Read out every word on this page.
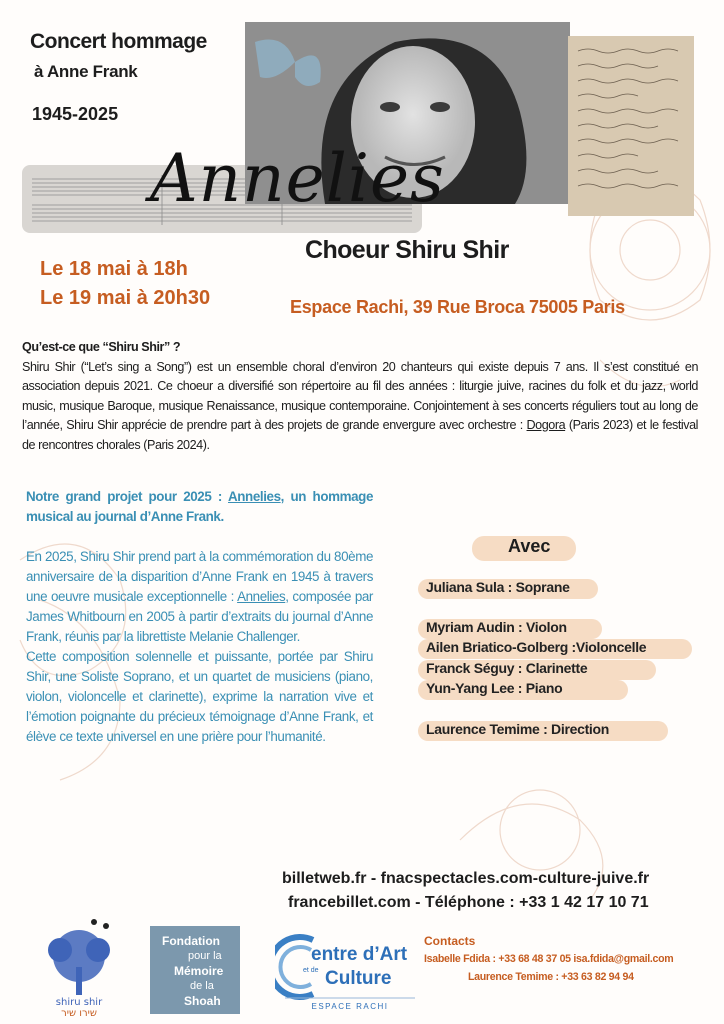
Concert hommage
à Anne Frank
1945-2025
Annelies
Choeur Shiru Shir
Le 18 mai à 18h
Le 19 mai à 20h30	Espace Rachi, 39 Rue Broca 75005 Paris
Qu’est-ce que “Shiru Shir” ?

Shiru Shir (“Let’s sing a Song”) est un ensemble choral d’environ 20 chanteurs qui existe depuis 7 ans. Il s’est constitué en association depuis 2021. Ce choeur a diversifié son répertoire au fil des années : liturgie juive, racines du folk et du jazz, world music, musique Baroque, musique Renaissance, musique contemporaine. Conjointement à ses concerts réguliers tout au long de l’année, Shiru Shir apprécie de prendre part à des projets de grande envergure avec orchestre : Dogora (Paris 2023) et le festival de rencontres chorales (Paris 2024).

Notre grand projet pour 2025 : Annelies, un hommage musical au journal d’Anne Frank.

En 2025, Shiru Shir prend part à la commémoration du 80ème anniversaire de la disparition d’Anne Frank en 1945 à travers une oeuvre musicale exceptionnelle : Annelies, composée par James Whitbourn en 2005 à partir d’extraits du journal d’Anne Frank, réunis par la librettiste Melanie Challenger.

Cette composition solennelle et puissante, portée par Shiru Shir, une Soliste Soprano, et un quartet de musiciens (piano, violon, violoncelle et clarinette), exprime la narration vive et l’émotion poignante du précieux témoignage d’Anne Frank, et élève ce texte universel en une prière pour l’humanité.

Avec
Juliana Sula : Soprane
Myriam Audin : Violon
Ailen Briatico-Golberg :Violoncelle
Franck Séguy : Clarinette
Yun-Yang Lee : Piano
Laurence Temime : Direction
billetweb.fr - fnacspectacles.com-culture-juive.fr
francebillet.com - Téléphone : +33 1 42 17 10 71
shiru shir
שירו שיר
Fondation
pour la
Mémoire
de la
Shoah
entre d’Art
et de Culture
ESPACE RACHI
Contacts
Isabelle Fdida : +33 68 48 37 05 isa.fdida@gmail.com
Laurence Temime : +33 63 82 94 94
